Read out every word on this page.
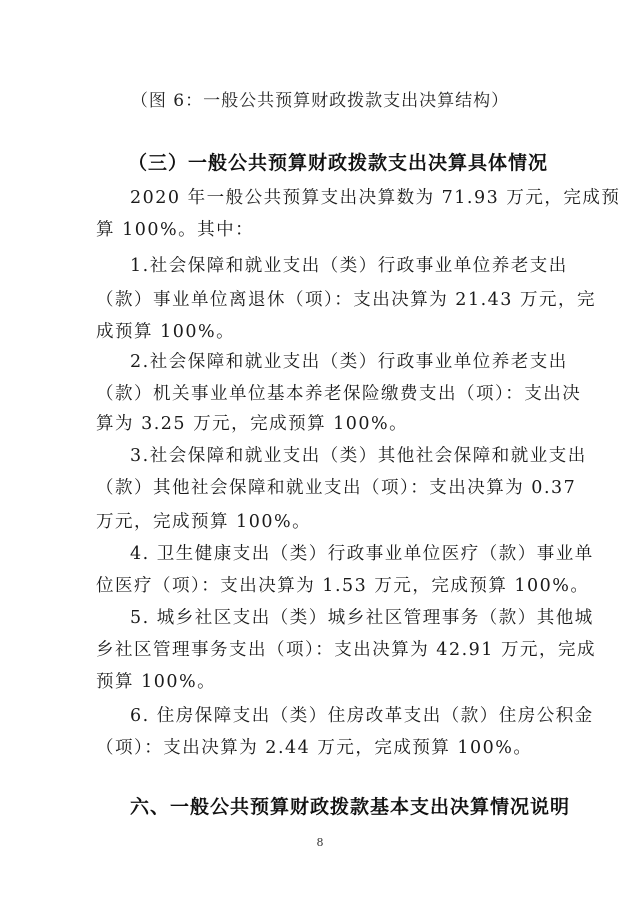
（图 6：一般公共预算财政拨款支出决算结构）
（三）一般公共预算财政拨款支出决算具体情况
2020 年一般公共预算支出决算数为 71.93 万元，完成预
算 100%。其中：
1.社会保障和就业支出（类）行政事业单位养老支出
（款）事业单位离退休（项）：支出决算为 21.43 万元，完
成预算 100%。
2.社会保障和就业支出（类）行政事业单位养老支出
（款）机关事业单位基本养老保险缴费支出（项）：支出决
算为 3.25 万元，完成预算 100%。
3.社会保障和就业支出（类）其他社会保障和就业支出
（款）其他社会保障和就业支出（项）：支出决算为 0.37
万元，完成预算 100%。
4. 卫生健康支出（类）行政事业单位医疗（款）事业单
位医疗（项）：支出决算为 1.53 万元，完成预算 100%。
5. 城乡社区支出（类）城乡社区管理事务（款）其他城
乡社区管理事务支出（项）：支出决算为 42.91 万元，完成
预算 100%。
6. 住房保障支出（类）住房改革支出（款）住房公积金
（项）：支出决算为 2.44 万元，完成预算 100%。
六、一般公共预算财政拨款基本支出决算情况说明
8
